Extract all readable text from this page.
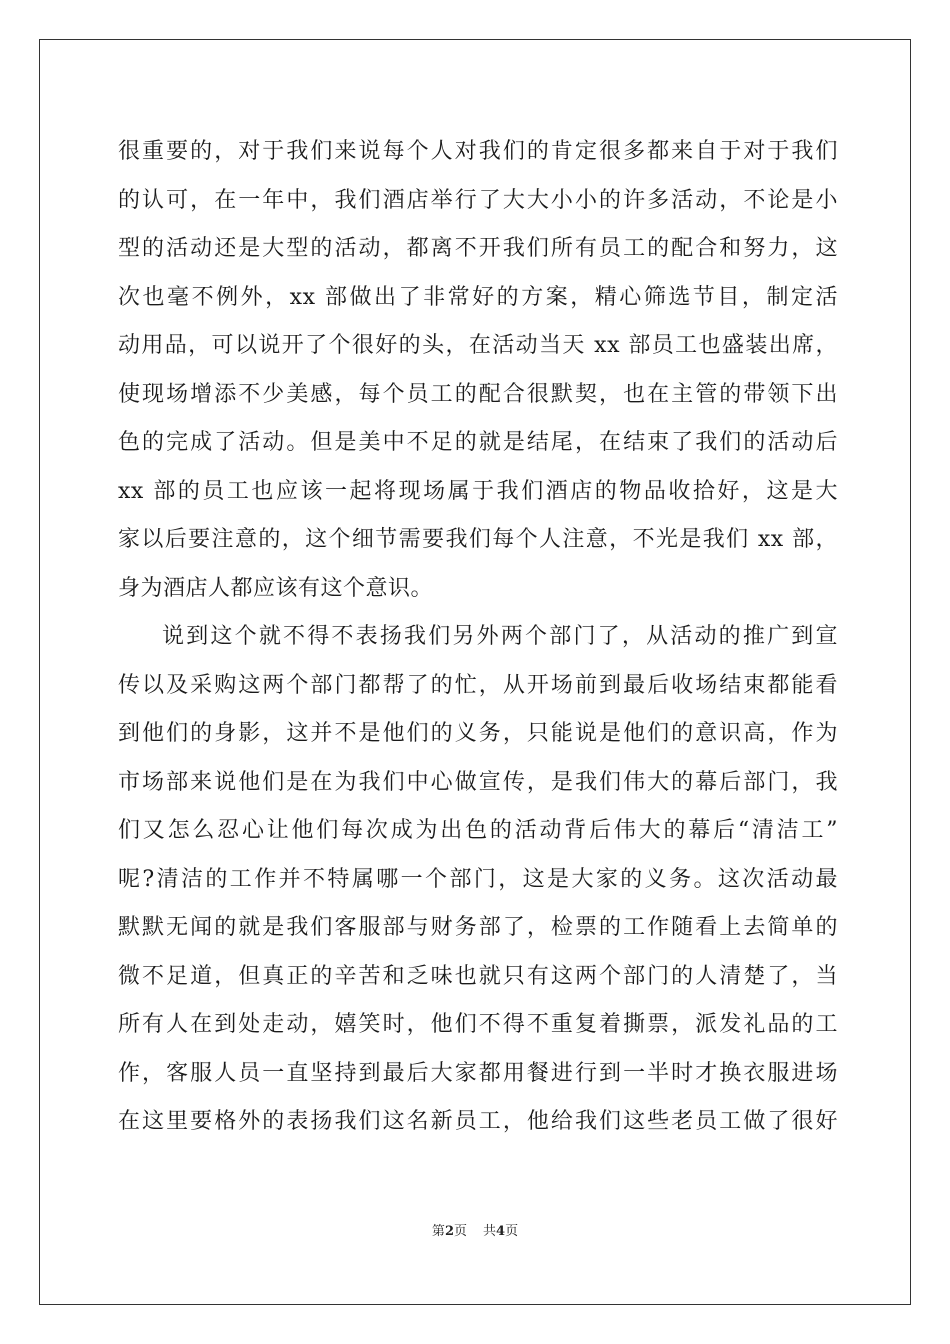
很重要的，对于我们来说每个人对我们的肯定很多都来自于对于我们
的认可，在一年中，我们酒店举行了大大小小的许多活动，不论是小
型的活动还是大型的活动，都离不开我们所有员工的配合和努力，这
次也毫不例外，xx 部做出了非常好的方案，精心筛选节目，制定活
动用品，可以说开了个很好的头，在活动当天 xx 部员工也盛装出席，
使现场增添不少美感，每个员工的配合很默契，也在主管的带领下出
色的完成了活动。但是美中不足的就是结尾，在结束了我们的活动后
xx 部的员工也应该一起将现场属于我们酒店的物品收拾好，这是大
家以后要注意的，这个细节需要我们每个人注意，不光是我们 xx 部，
身为酒店人都应该有这个意识。
说到这个就不得不表扬我们另外两个部门了，从活动的推广到宣
传以及采购这两个部门都帮了的忙，从开场前到最后收场结束都能看
到他们的身影，这并不是他们的义务，只能说是他们的意识高，作为
市场部来说他们是在为我们中心做宣传，是我们伟大的幕后部门，我
们又怎么忍心让他们每次成为出色的活动背后伟大的幕后“清洁工”
呢?清洁的工作并不特属哪一个部门，这是大家的义务。这次活动最
默默无闻的就是我们客服部与财务部了，检票的工作随看上去简单的
微不足道，但真正的辛苦和乏味也就只有这两个部门的人清楚了，当
所有人在到处走动，嬉笑时，他们不得不重复着撕票，派发礼品的工
作，客服人员一直坚持到最后大家都用餐进行到一半时才换衣服进场
在这里要格外的表扬我们这名新员工，他给我们这些老员工做了很好
第2页 共4页
